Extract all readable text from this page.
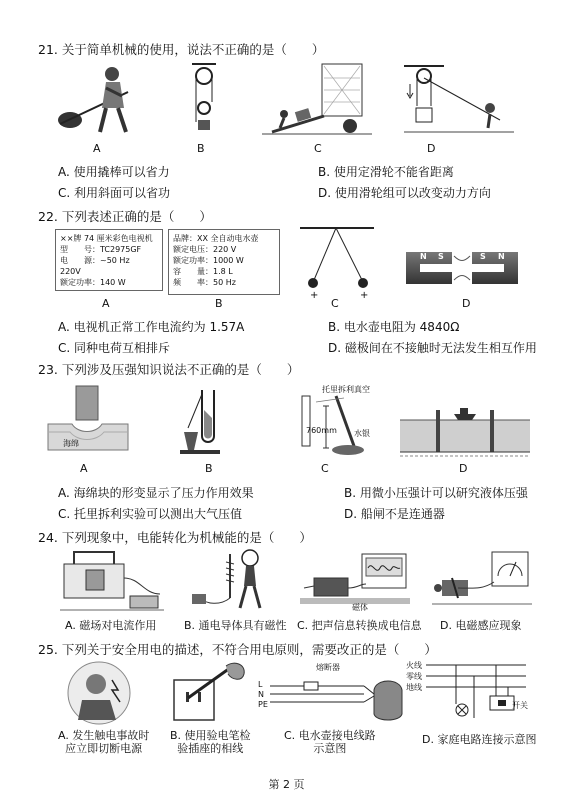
21. 关于简单机械的使用，说法不正确的是（　　）
A	B	C	D
A. 使用撬棒可以省力	B. 使用定滑轮不能省距离
C. 利用斜面可以省功	D. 使用滑轮组可以改变动力方向
22. 下列表述正确的是（　　）
××牌 74 厘米彩色电视机
型　　号：TC2975GF
电　　源：~50 Hz　220V
额定功率：140 W
A
品牌：XX 全自动电水壶
额定电压：220 V
额定功率：1000 W
容　　量：1.8 L
频　　率：50 Hz
B
+	+
C
N S	S N
D
A. 电视机正常工作电流约为 1.57A	B. 电水壶电阻为 4840Ω
C. 同种电荷互相排斥	D. 磁极间在不接触时无法发生相互作用
23. 下列涉及压强知识说法不正确的是（　　）
海绵
A	B
托里拆利真空
760mm 水银
C	D
A. 海绵块的形变显示了压力作用效果	B. 用微小压强计可以研究液体压强
C. 托里拆利实验可以测出大气压值	D. 船闸不是连通器
24. 下列现象中，电能转化为机械能的是（　　）
A. 磁场对电流作用	B. 通电导体具有磁性
磁体
C. 把声信息转换成电信息 D. 电磁感应现象
25. 下列关于安全用电的描述，不符合用电原则，需要改正的是（　　）
A. 发生触电事故时
应立即切断电源
B. 使用验电笔检
验插座的相线
熔断器
L
N
PE
C. 电水壶接电线路
示意图
火线
零线
地线
开关
D. 家庭电路连接示意图
第 2 页
